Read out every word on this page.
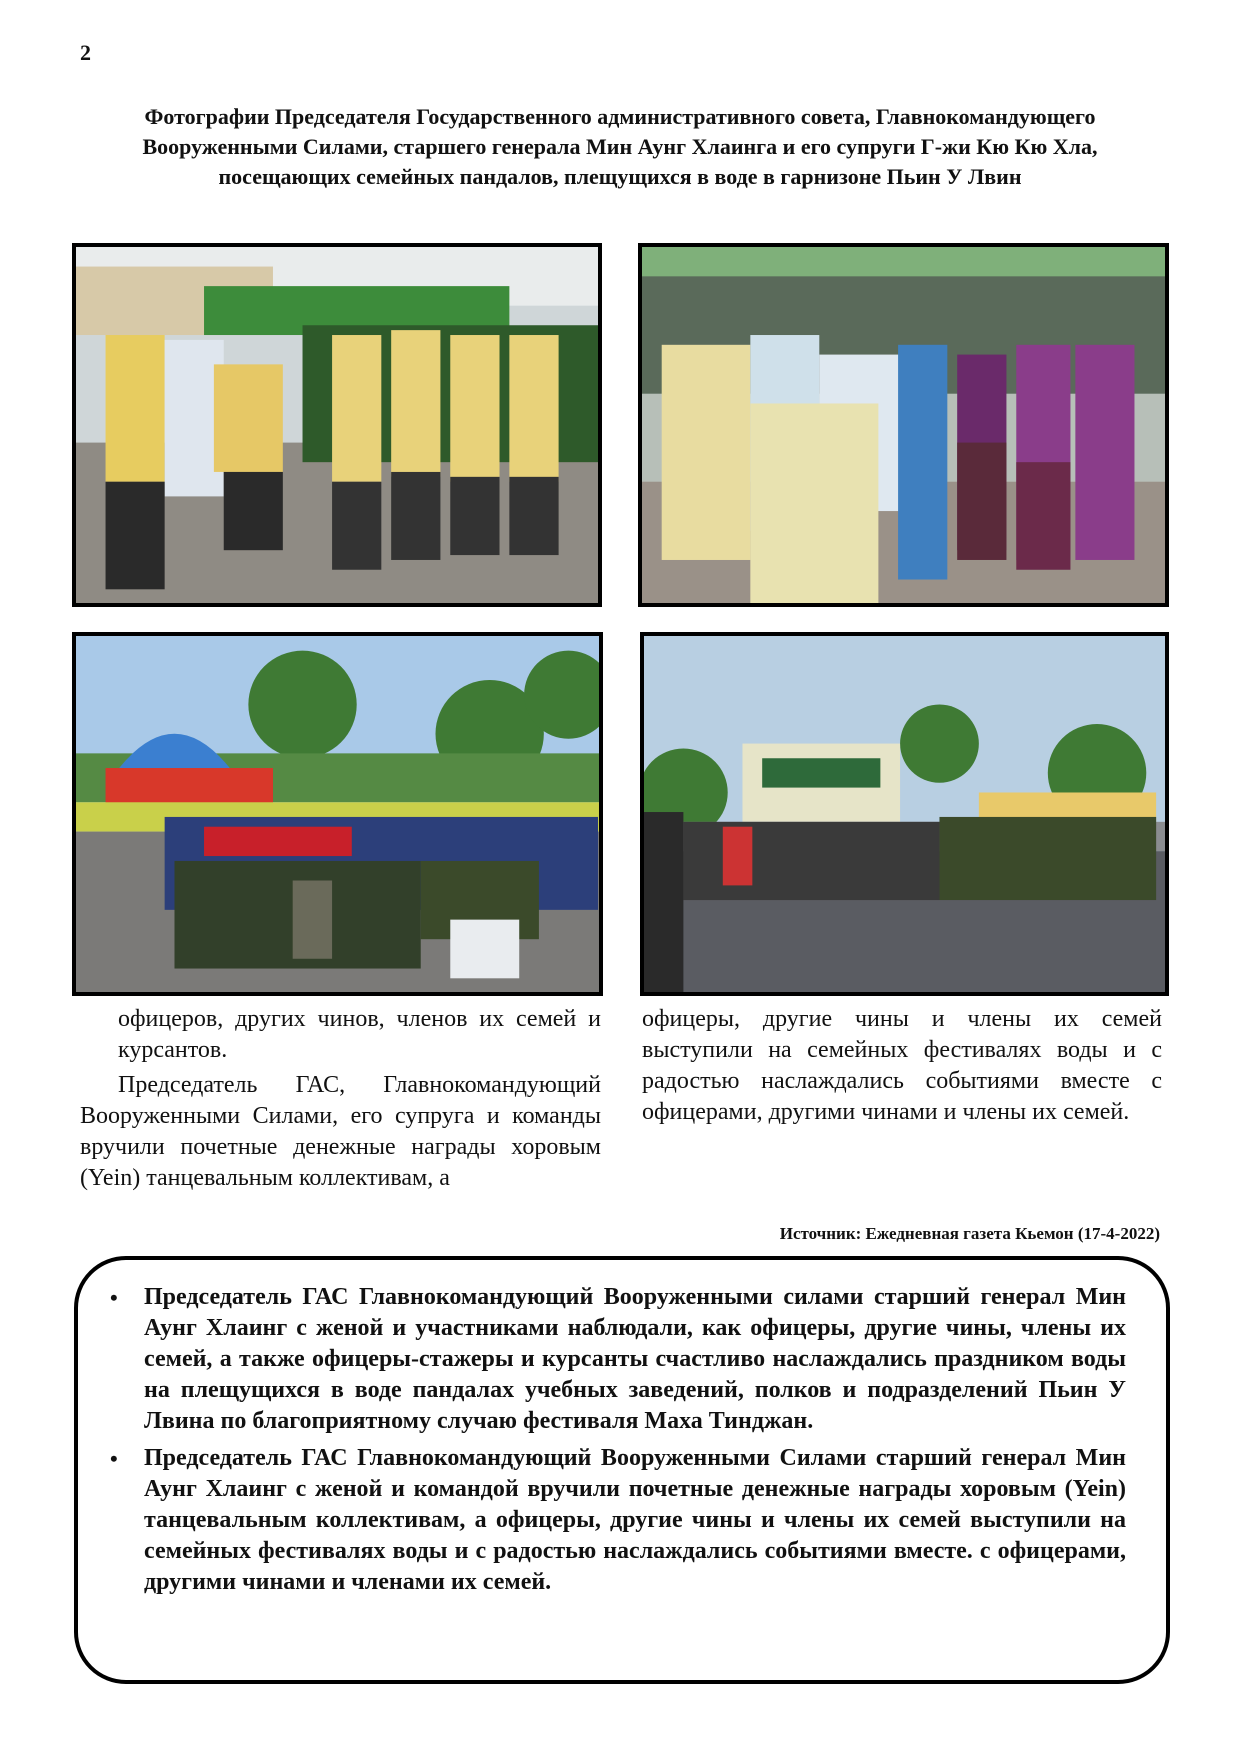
2
Фотографии Председателя Государственного административного совета, Главнокомандующего Вооруженными Силами, старшего генерала Мин Аунг Хлаинга и его супруги Г-жи Кю Кю Хла, посещающих семейных пандалов, плещущихся в воде в гарнизоне Пьин У Лвин

офицеров, других чинов, членов их семей и курсантов.

Председатель ГАС, Главнокомандующий Вооруженными Силами, его супруга и команды вручили почетные денежные награды хоровым (Yein) танцевальным коллективам, а

офицеры, другие чины и члены их семей выступили на семейных фестивалях воды и с радостью наслаждались событиями вместе с офицерами, другими чинами и члены их семей.

Источник: Ежедневная газета Кьемон (17-4-2022)
• Председатель ГАС Главнокомандующий Вооруженными силами старший генерал Мин Аунг Хлаинг с женой и участниками наблюдали, как офицеры, другие чины, члены их семей, а также офицеры-стажеры и курсанты счастливо наслаждались праздником воды на плещущихся в воде пандалах учебных заведений, полков и подразделений Пьин У Лвина по благоприятному случаю фестиваля Маха Тинджан.
• Председатель ГАС Главнокомандующий Вооруженными Силами старший генерал Мин Аунг Хлаинг с женой и командой вручили почетные денежные награды хоровым (Yein) танцевальным коллективам, а офицеры, другие чины и члены их семей выступили на семейных фестивалях воды и с радостью наслаждались событиями вместе. с офицерами, другими чинами и членами их семей.
